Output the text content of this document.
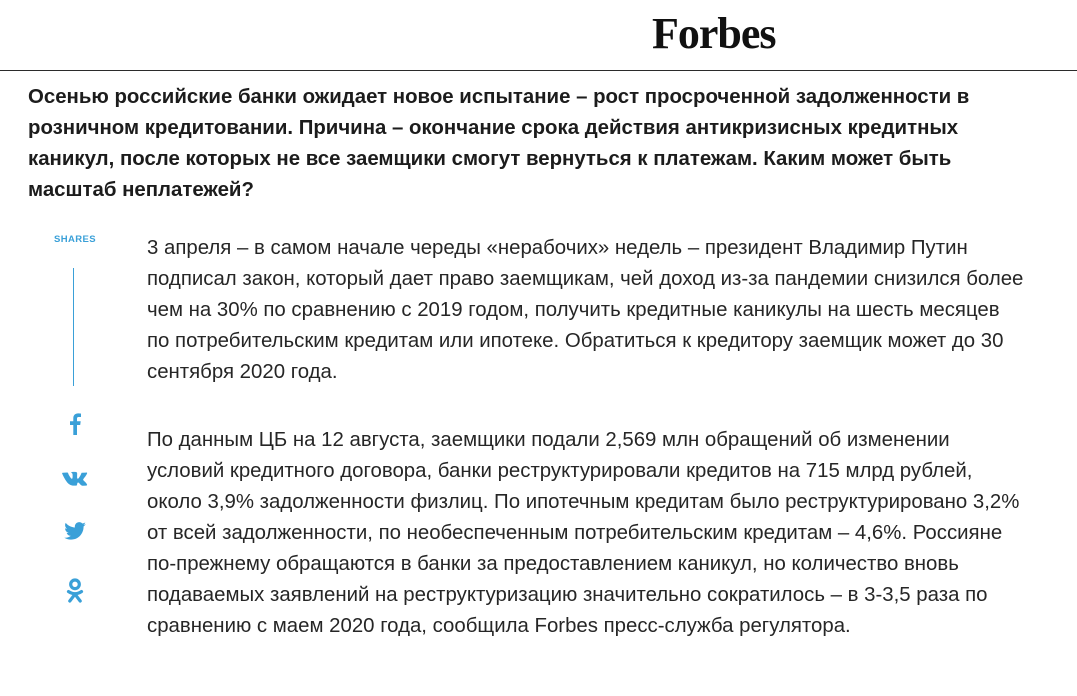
Forbes

Осенью российские банки ожидает новое испытание – рост просроченной задолженности в розничном кредитовании. Причина – окончание срока действия антикризисных кредитных каникул, после которых не все заемщики смогут вернуться к платежам. Каким может быть масштаб неплатежей?

SHARES	3 апреля – в самом начале череды «нерабочих» недель – президент Владимир Путин подписал закон, который дает право заемщикам, чей доход из-за пандемии снизился более чем на 30% по сравнению с 2019 годом, получить кредитные каникулы на шесть месяцев по потребительским кредитам или ипотеке. Обратиться к кредитору заемщик может до 30 сентября 2020 года.

По данным ЦБ на 12 августа, заемщики подали 2,569 млн обращений об изменении условий кредитного договора, банки реструктурировали кредитов на 715 млрд рублей, около 3,9% задолженности физлиц. По ипотечным кредитам было реструктурировано 3,2% от всей задолженности, по необеспеченным потребительским кредитам – 4,6%. Россияне по-прежнему обращаются в банки за предоставлением каникул, но количество вновь подаваемых заявлений на реструктуризацию значительно сократилось – в 3-3,5 раза по сравнению с маем 2020 года, сообщила Forbes пресс-служба регулятора.
